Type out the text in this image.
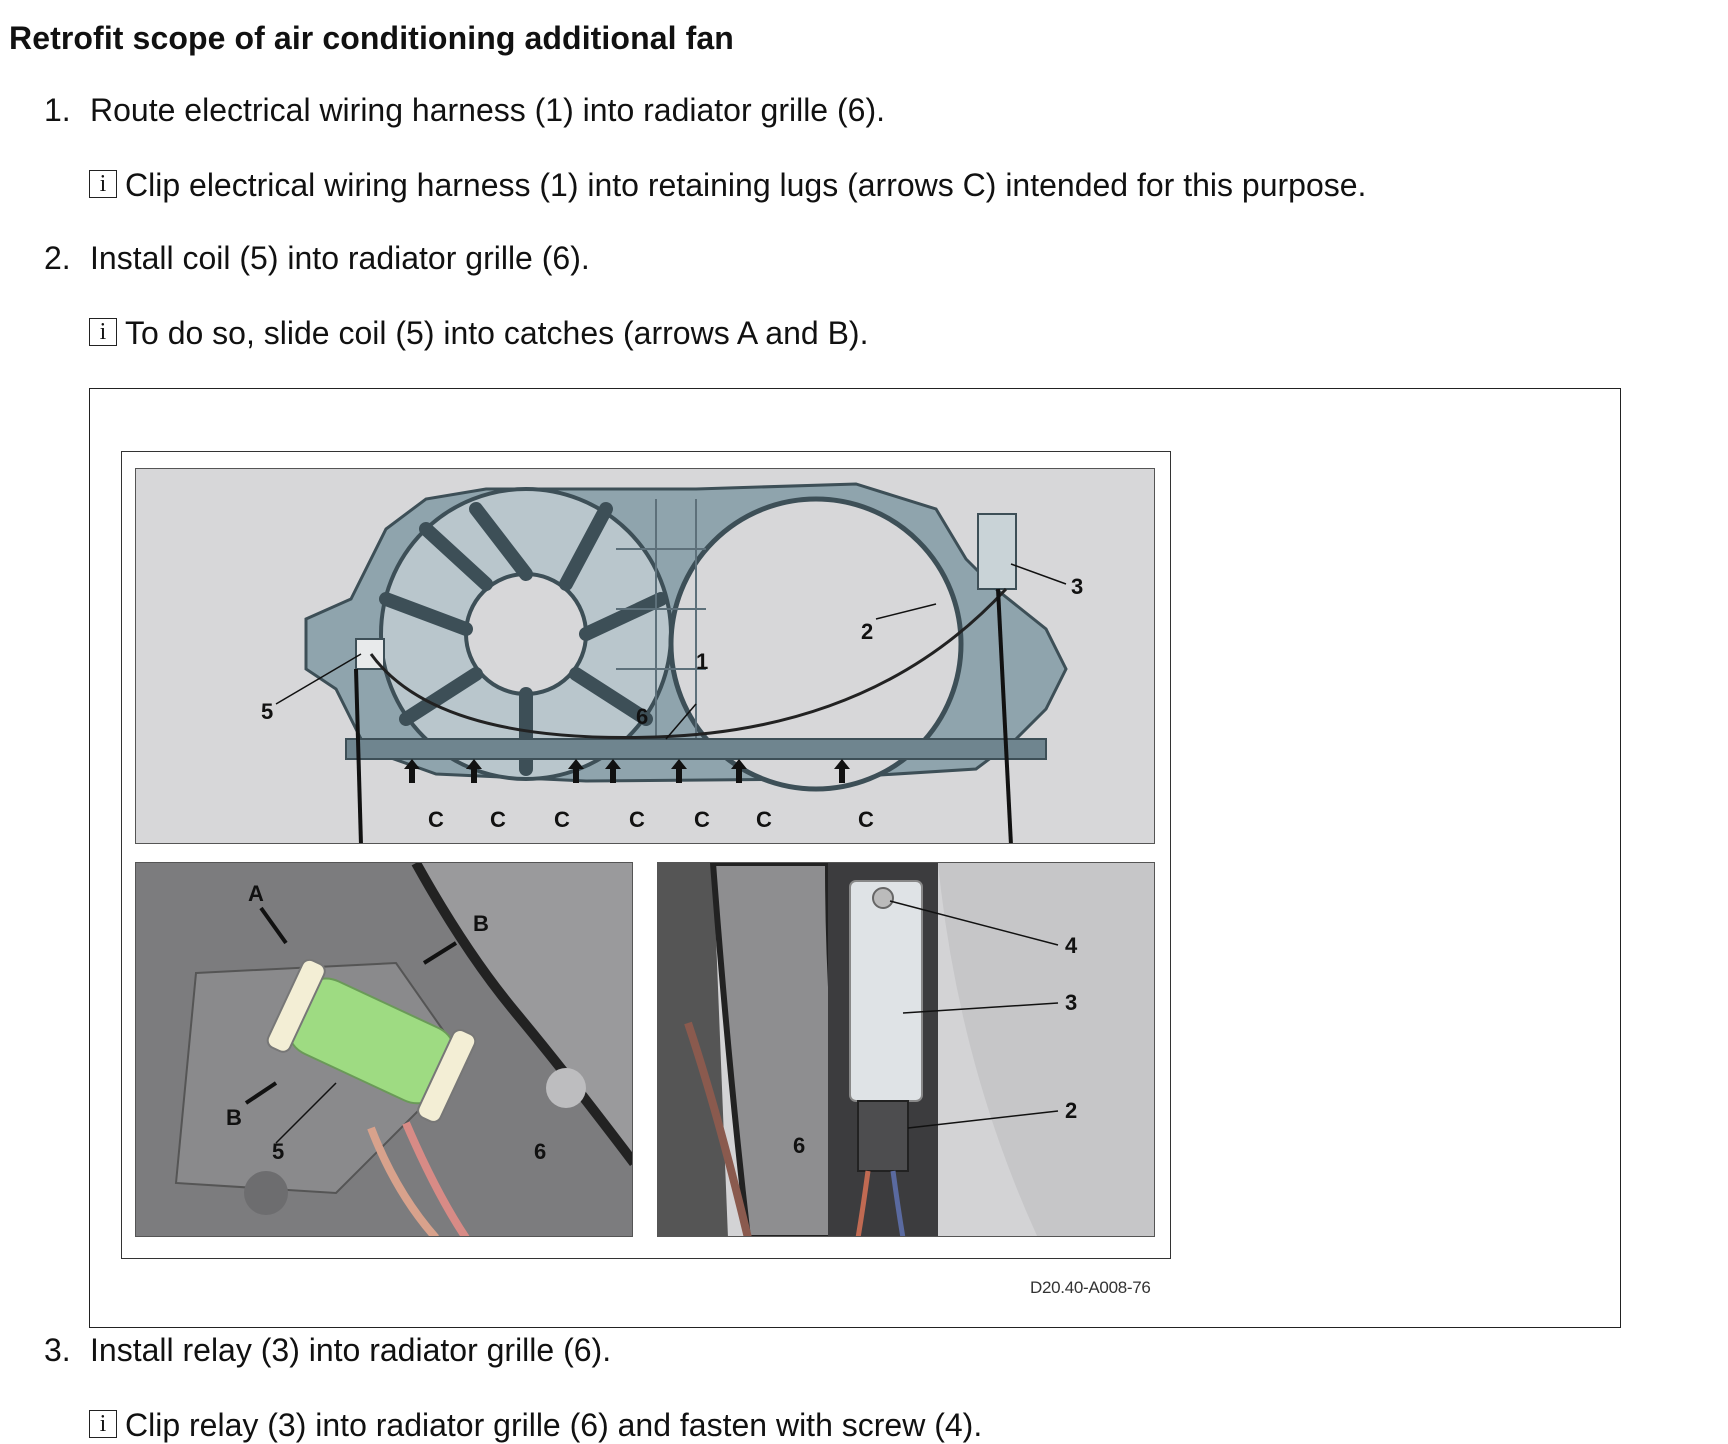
Retrofit scope of air conditioning additional fan
1. Route electrical wiring harness (1) into radiator grille (6).
i Clip electrical wiring harness (1) into retaining lugs (arrows C) intended for this purpose.
2. Install coil (5) into radiator grille (6).
i To do so, slide coil (5) into catches (arrows A and B).
5
3
2
1
6
C C C	C C C	C
A
B
B
5	6
4
3
2
6
D20.40-A008-76
3. Install relay (3) into radiator grille (6).
i Clip relay (3) into radiator grille (6) and fasten with screw (4).
